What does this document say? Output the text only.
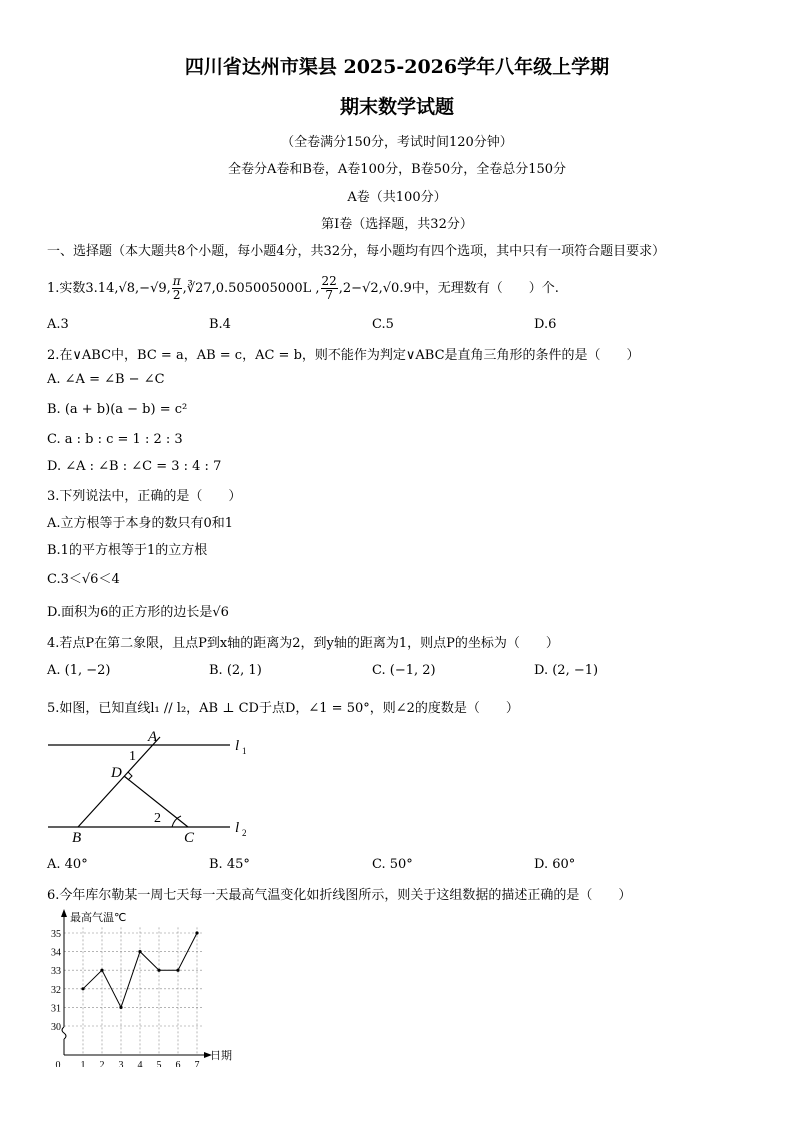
四川省达州市渠县 2025-2026学年八年级上学期
期末数学试题
（全卷满分150分，考试时间120分钟）
全卷分A卷和B卷，A卷100分，B卷50分，全卷总分150分
A卷（共100分）
第Ⅰ卷（选择题，共32分）
一、选择题（本大题共8个小题，每小题4分，共32分，每小题均有四个选项，其中只有一项符合题目要求）
1.实数3.14,√8,−√9, $\frac{\pi}{2}$ ,∛27,0.505005000L , $\frac{22}{7} ,2-√2,√0.9$中，无理数有（　　）个.
A.3	B.4	C.5	D.6
2.在∨ABC中，BC = a，AB = c，AC = b，则不能作为判定∨ABC是直角三角形的条件的是（　　）
A. ∠A = ∠B − ∠C
B. (a + b)(a − b) = c²
C. a : b : c = 1 : 2 : 3
D. ∠A : ∠B : ∠C = 3 : 4 : 7
3.下列说法中，正确的是（　　）
A.立方根等于本身的数只有0和1
B.1的平方根等于1的立方根
C.3＜√6＜4
D.面积为6的正方形的边长是√6
4.若点P在第二象限，且点P到x轴的距离为2，到y轴的距离为1，则点P的坐标为（　　）
A. (1, −2)	B. (2, 1)	C. (−1, 2)	D. (2, −1)
5.如图，已知直线l₁ // l₂，AB ⊥ CD于点D，∠1 = 50°，则∠2的度数是（　　）
A
1
D
2
B	C
l 1
l 2
A. 40°	B. 45°	C. 50°	D. 60°
6.今年库尔勒某一周七天每一天最高气温变化如折线图所示，则关于这组数据的描述正确的是（　　）
30
31
32
33
34
35
1 2 3 4 5 6 7
0
最高气温℃
日期
